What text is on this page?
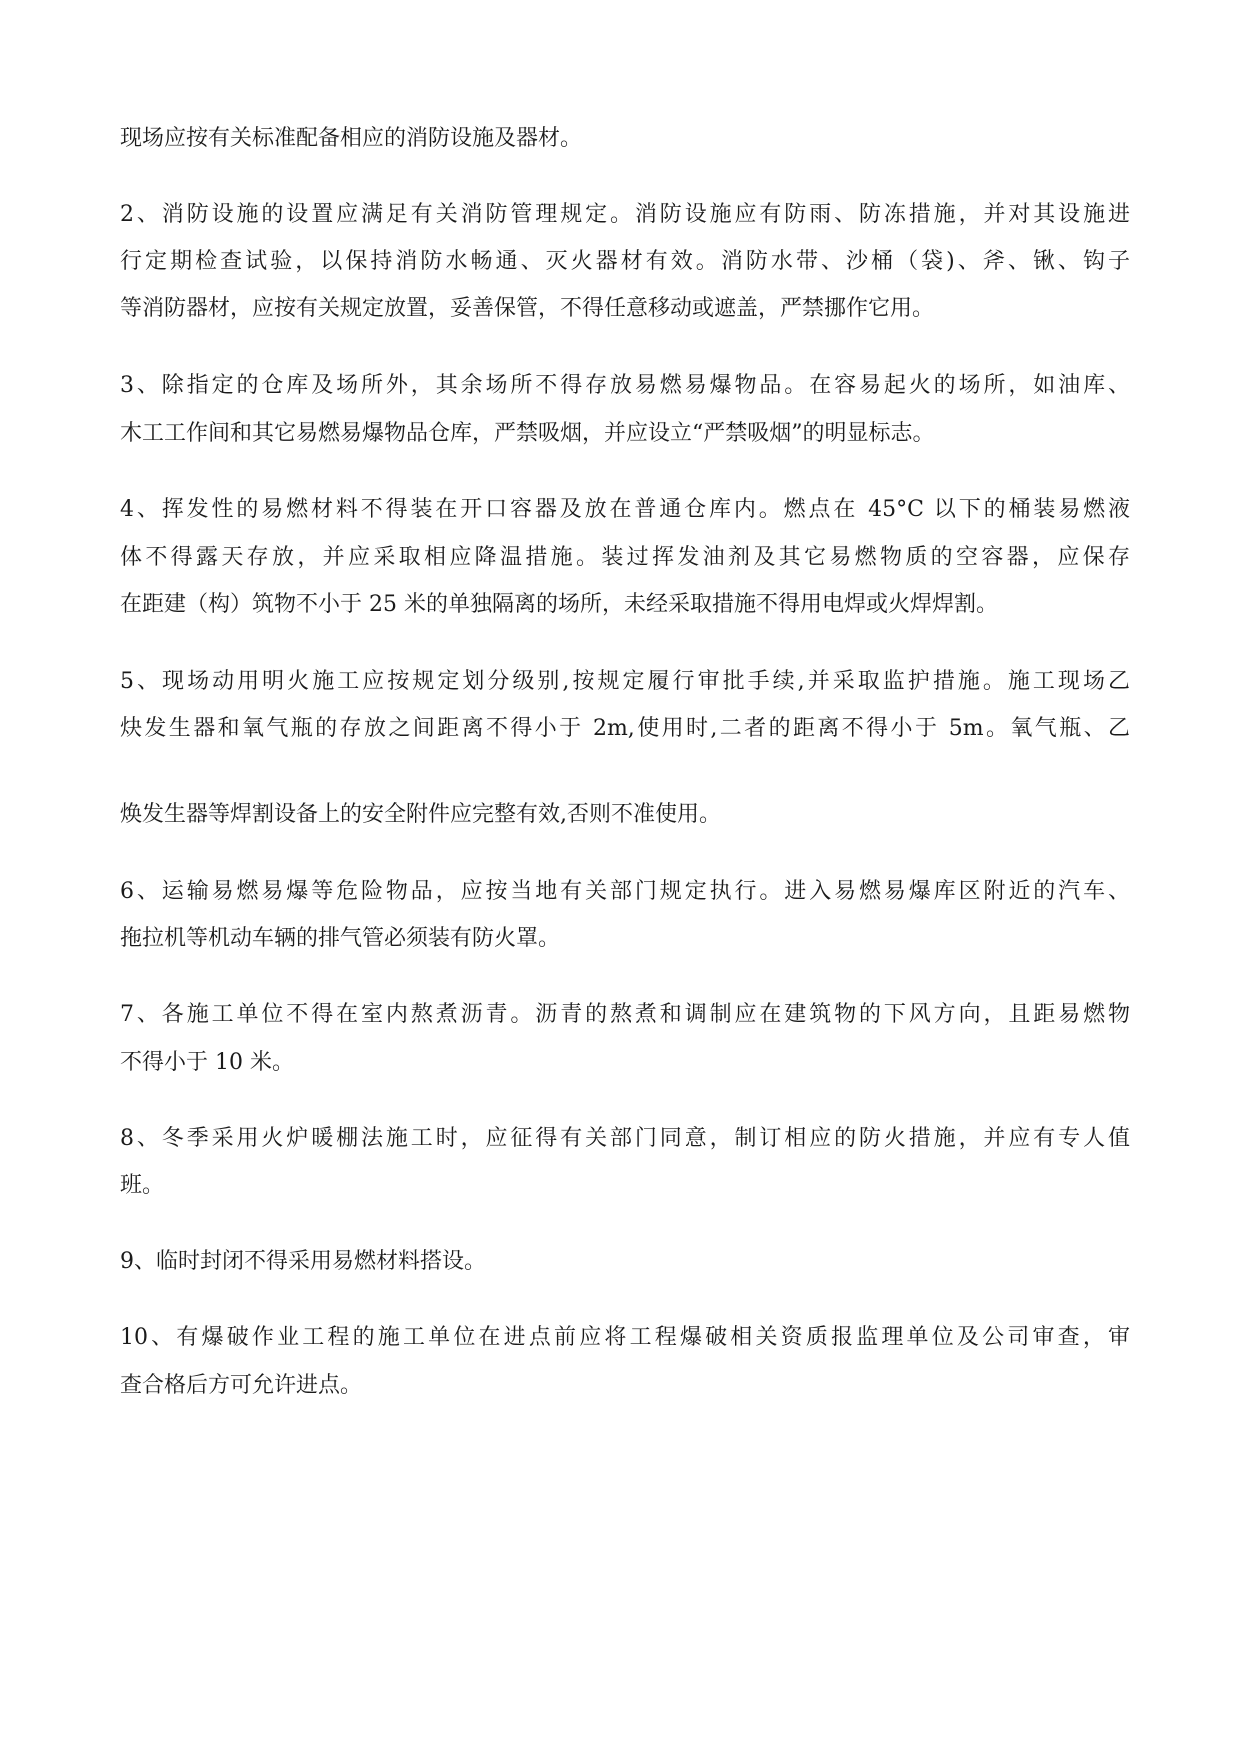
现场应按有关标准配备相应的消防设施及器材。
2、消防设施的设置应满足有关消防管理规定。消防设施应有防雨、防冻措施，并对其设施进
行定期检查试验，以保持消防水畅通、灭火器材有效。消防水带、沙桶（袋)、斧、锹、钩子
等消防器材，应按有关规定放置，妥善保管，不得任意移动或遮盖，严禁挪作它用。
3、除指定的仓库及场所外，其余场所不得存放易燃易爆物品。在容易起火的场所，如油库、
木工工作间和其它易燃易爆物品仓库，严禁吸烟，并应设立“严禁吸烟”的明显标志。
4、挥发性的易燃材料不得装在开口容器及放在普通仓库内。燃点在 45°C 以下的桶装易燃液
体不得露天存放，并应采取相应降温措施。装过挥发油剂及其它易燃物质的空容器，应保存
在距建（构）筑物不小于 25 米的单独隔离的场所，未经采取措施不得用电焊或火焊焊割。
5、现场动用明火施工应按规定划分级别,按规定履行审批手续,并采取监护措施。施工现场乙
炔发生器和氧气瓶的存放之间距离不得小于 2m,使用时,二者的距离不得小于 5m。氧气瓶、乙
焕发生器等焊割设备上的安全附件应完整有效,否则不准使用。
6、运输易燃易爆等危险物品，应按当地有关部门规定执行。进入易燃易爆库区附近的汽车、
拖拉机等机动车辆的排气管必须装有防火罩。
7、各施工单位不得在室内熬煮沥青。沥青的熬煮和调制应在建筑物的下风方向，且距易燃物
不得小于 10 米。
8、冬季采用火炉暖棚法施工时，应征得有关部门同意，制订相应的防火措施，并应有专人值
班。
9、临时封闭不得采用易燃材料搭设。
10、有爆破作业工程的施工单位在进点前应将工程爆破相关资质报监理单位及公司审查，审
查合格后方可允许进点。
